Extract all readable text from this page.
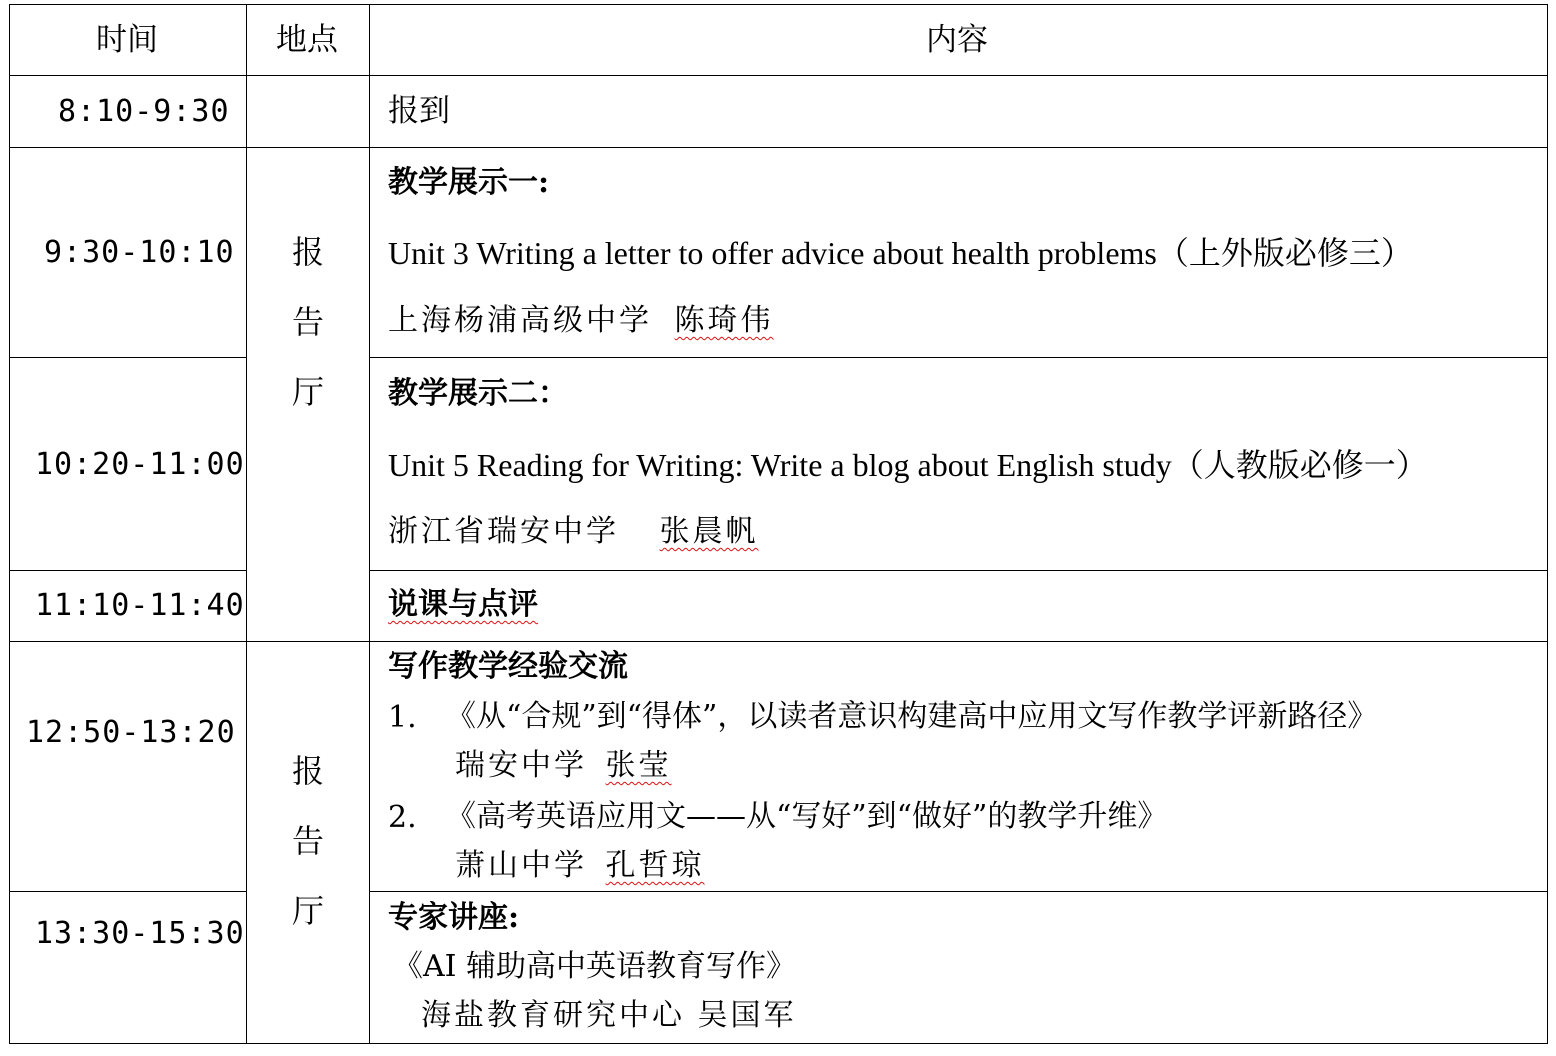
时间	地点	内容
8:10-9:30
9:30-10:10
10:20-11:00
11:10-11:40
12:50-13:20
13:30-15:30
报
告
厅
报
告
厅
报到
教学展示一:
Unit 3 Writing a letter to offer advice about health problems（上外版必修三）
上海杨浦高级中学 陈琦伟
教学展示二：
Unit 5 Reading for Writing: Write a blog about English study（人教版必修一）
浙江省瑞安中学 张晨帆
说课与点评
写作教学经验交流
1. 《从“合规”到“得体”，以读者意识构建高中应用文写作教学评新路径》
瑞安中学 张莹
2. 《高考英语应用文——从“写好”到“做好”的教学升维》
萧山中学 孔哲琼
专家讲座:
《AI 辅助高中英语教育写作》
海盐教育研究中心 吴国军
